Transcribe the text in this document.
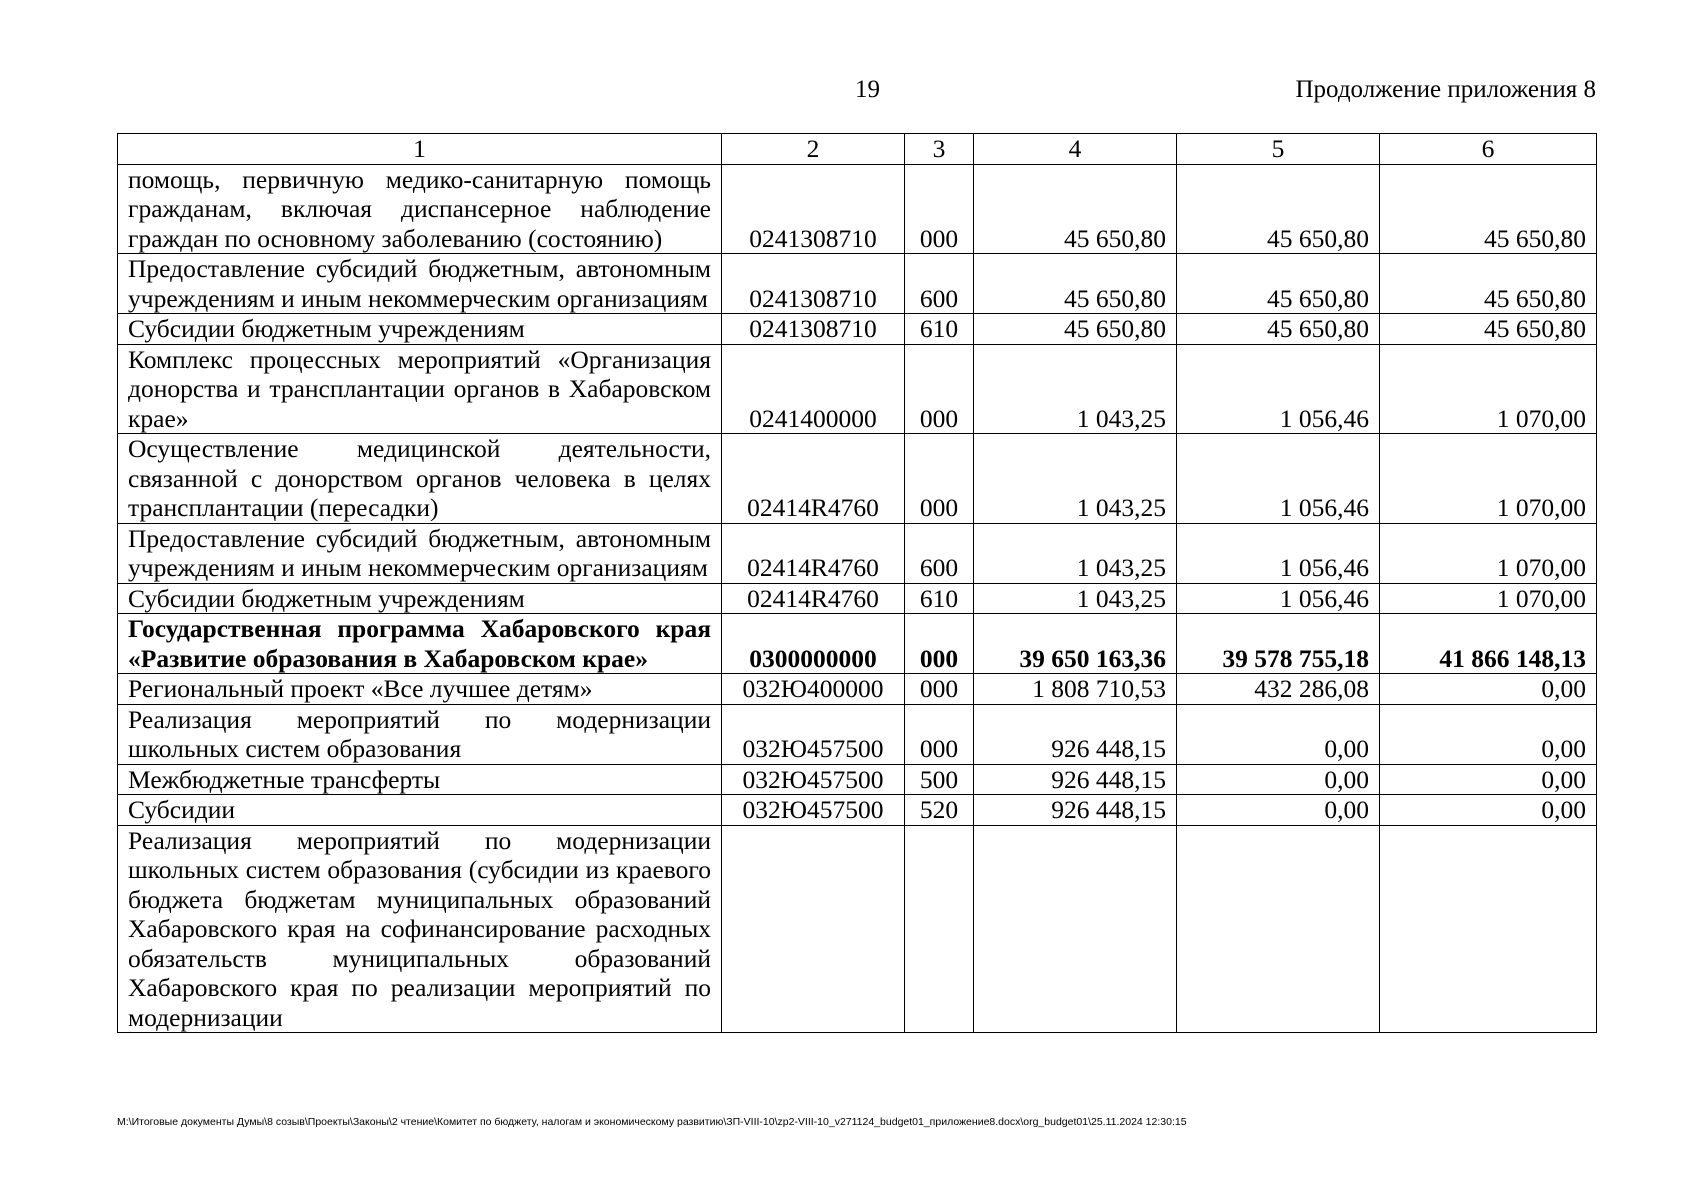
19	Продолжение приложения 8
1	2	3	4	5	6
помощь, первичную медико-санитарную помощь гражданам, включая диспансерное наблюдение граждан по основному заболеванию (состоянию)	0241308710	000	45 650,80	45 650,80	45 650,80
Предоставление субсидий бюджетным, автономным учреждениям и иным некоммерческим организациям	0241308710	600	45 650,80	45 650,80	45 650,80
Субсидии бюджетным учреждениям	0241308710	610	45 650,80	45 650,80	45 650,80
Комплекс процессных мероприятий «Организация донорства и трансплантации органов в Хабаровском крае»	0241400000	000	1 043,25	1 056,46	1 070,00
Осуществление медицинской деятельности, связанной с донорством органов человека в целях трансплантации (пересадки)	02414R4760	000	1 043,25	1 056,46	1 070,00
Предоставление субсидий бюджетным, автономным учреждениям и иным некоммерческим организациям	02414R4760	600	1 043,25	1 056,46	1 070,00
Субсидии бюджетным учреждениям	02414R4760	610	1 043,25	1 056,46	1 070,00
Государственная программа Хабаровского края «Развитие образования в Хабаровском крае»	0300000000	000	39 650 163,36	39 578 755,18	41 866 148,13
Региональный проект «Все лучшее детям»	032Ю400000	000	1 808 710,53	432 286,08	0,00
Реализация мероприятий по модернизации школьных систем образования	032Ю457500	000	926 448,15	0,00	0,00
Межбюджетные трансферты	032Ю457500	500	926 448,15	0,00	0,00
Субсидии	032Ю457500	520	926 448,15	0,00	0,00
Реализация мероприятий по модернизации школьных систем образования (субсидии из краевого бюджета бюджетам муниципальных образований Хабаровского края на софинансирование расходных обязательств муниципальных образований Хабаровского края по реализации мероприятий по модернизации					
M:\Итоговые документы Думы\8 созыв\Проекты\Законы\2 чтение\Комитет по бюджету, налогам и экономическому развитию\ЗП-VIII-10\zp2-VIII-10_v271124_budget01_приложение8.docx\org_budget01\25.11.2024 12:30:15
